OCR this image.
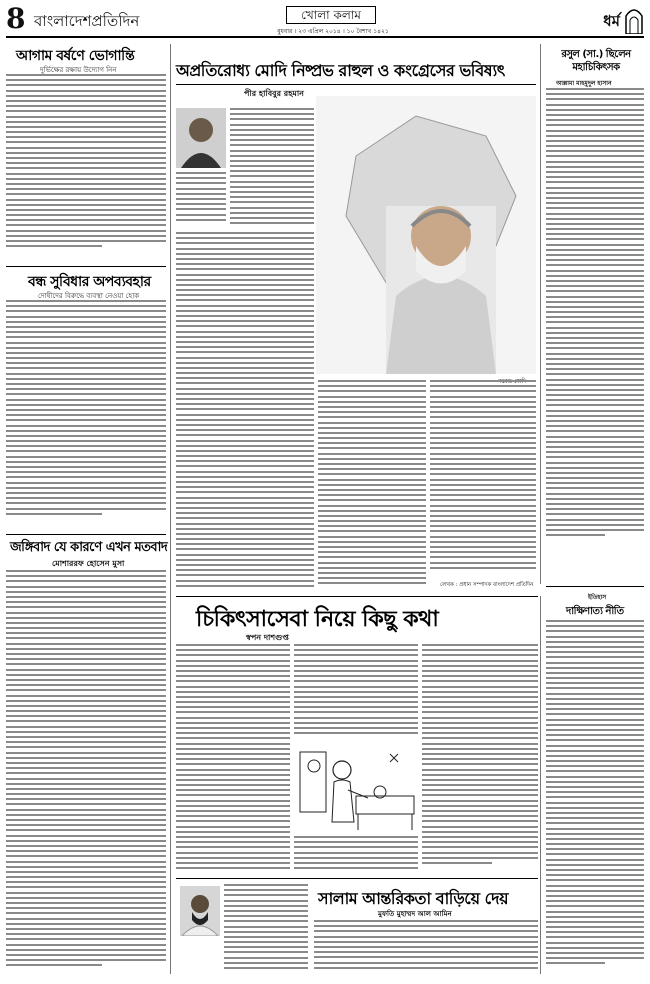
8 বাংলাদেশপ্রতিদিন	খোলা কলাম
বুধবার । ২৩ এপ্রিল ২০১৪ । ১০ বৈশাখ ১৪২১
ধর্ম
আগাম বর্ষণে ভোগান্তি
দুর্ভিক্ষের রক্ষায় উদ্যোগ নিন
বন্ধ সুবিধার অপব্যবহার
দোষীদের বিরুদ্ধে ব্যবস্থা নেওয়া হোক
জঙ্গিবাদ যে কারণে এখন মতবাদ
মোশাররফ হোসেন মুসা
অপ্রতিরোধ্য মোদি নিষ্প্রভ রাহুল ও কংগ্রেসের ভবিষ্যৎ
পীর হাবিবুর রহমান
লেখক : প্রধান সম্পাদক বাংলাদেশ প্রতিদিন
রসুল (সা.) ছিলেন মহাচিকিৎসক
আল্লামা মাহমুদুল হাসান
ইতিহাস
দাক্ষিণাত্য নীতি
চিকিৎসাসেবা নিয়ে কিছু কথা
স্বপন দাশগুপ্ত
সালাম আন্তরিকতা বাড়িয়ে দেয়
মুফতি মুহাম্মদ আল আমিন
